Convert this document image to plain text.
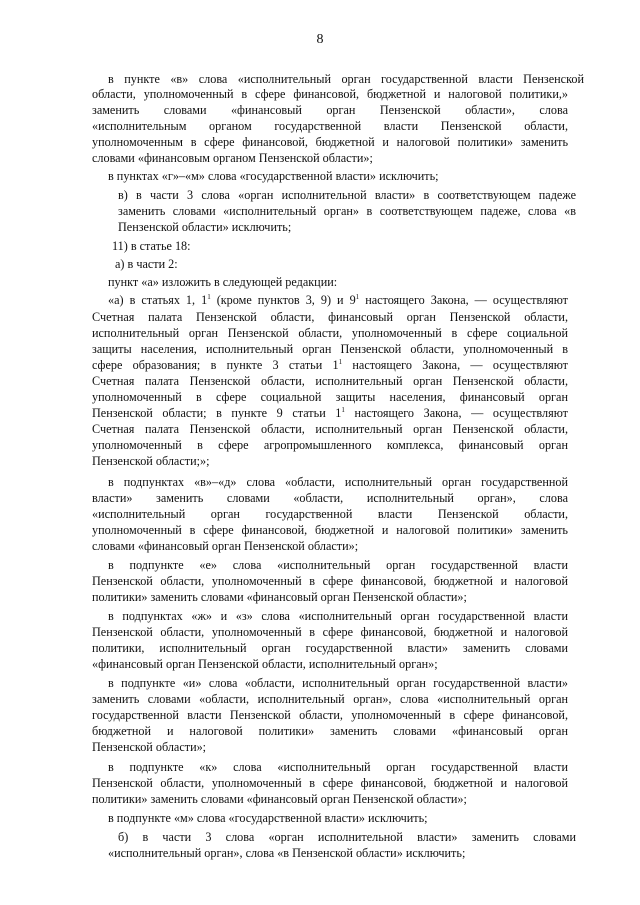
8
в пункте «в» слова «исполнительный орган государственной власти Пензенской
области, уполномоченный в сфере финансовой, бюджетной и налоговой политики,»
заменить словами «финансовый орган Пензенской области», слова
«исполнительным органом государственной власти Пензенской области,
уполномоченным в сфере финансовой, бюджетной и налоговой политики» заменить
словами «финансовым органом Пензенской области»;
в пунктах «г»–«м» слова «государственной власти» исключить;
в) в части 3 слова «орган исполнительной власти» в соответствующем падеже
заменить словами «исполнительный орган» в соответствующем падеже, слова «в
Пензенской области» исключить;
11) в статье 18:
а) в части 2:
пункт «а» изложить в следующей редакции:
«а) в статьях 1, $1^1$ (кроме пунктов 3, 9) и $9^1$ настоящего Закона, — осуществляют
Счетная палата Пензенской области, финансовый орган Пензенской области,
исполнительный орган Пензенской области, уполномоченный в сфере социальной
защиты населения, исполнительный орган Пензенской области, уполномоченный в
сфере образования; в пункте 3 статьи $1^1$ настоящего Закона, — осуществляют
Счетная палата Пензенской области, исполнительный орган Пензенской области,
уполномоченный в сфере социальной защиты населения, финансовый орган
Пензенской области; в пункте 9 статьи $1^1$ настоящего Закона, — осуществляют
Счетная палата Пензенской области, исполнительный орган Пензенской области,
уполномоченный в сфере агропромышленного комплекса, финансовый орган
Пензенской области;»;
в подпунктах «в»–«д» слова «области, исполнительный орган государственной
власти» заменить словами «области, исполнительный орган», слова
«исполнительный орган государственной власти Пензенской области,
уполномоченный в сфере финансовой, бюджетной и налоговой политики» заменить
словами «финансовый орган Пензенской области»;
в подпункте «е» слова «исполнительный орган государственной власти
Пензенской области, уполномоченный в сфере финансовой, бюджетной и налоговой
политики» заменить словами «финансовый орган Пензенской области»;
в подпунктах «ж» и «з» слова «исполнительный орган государственной власти
Пензенской области, уполномоченный в сфере финансовой, бюджетной и налоговой
политики, исполнительный орган государственной власти» заменить словами
«финансовый орган Пензенской области, исполнительный орган»;
в подпункте «и» слова «области, исполнительный орган государственной власти»
заменить словами «области, исполнительный орган», слова «исполнительный орган
государственной власти Пензенской области, уполномоченный в сфере финансовой,
бюджетной и налоговой политики» заменить словами «финансовый орган
Пензенской области»;
в подпункте «к» слова «исполнительный орган государственной власти
Пензенской области, уполномоченный в сфере финансовой, бюджетной и налоговой
политики» заменить словами «финансовый орган Пензенской области»;
в подпункте «м» слова «государственной власти» исключить;
б) в части 3 слова «орган исполнительной власти» заменить словами
«исполнительный орган», слова «в Пензенской области» исключить;
